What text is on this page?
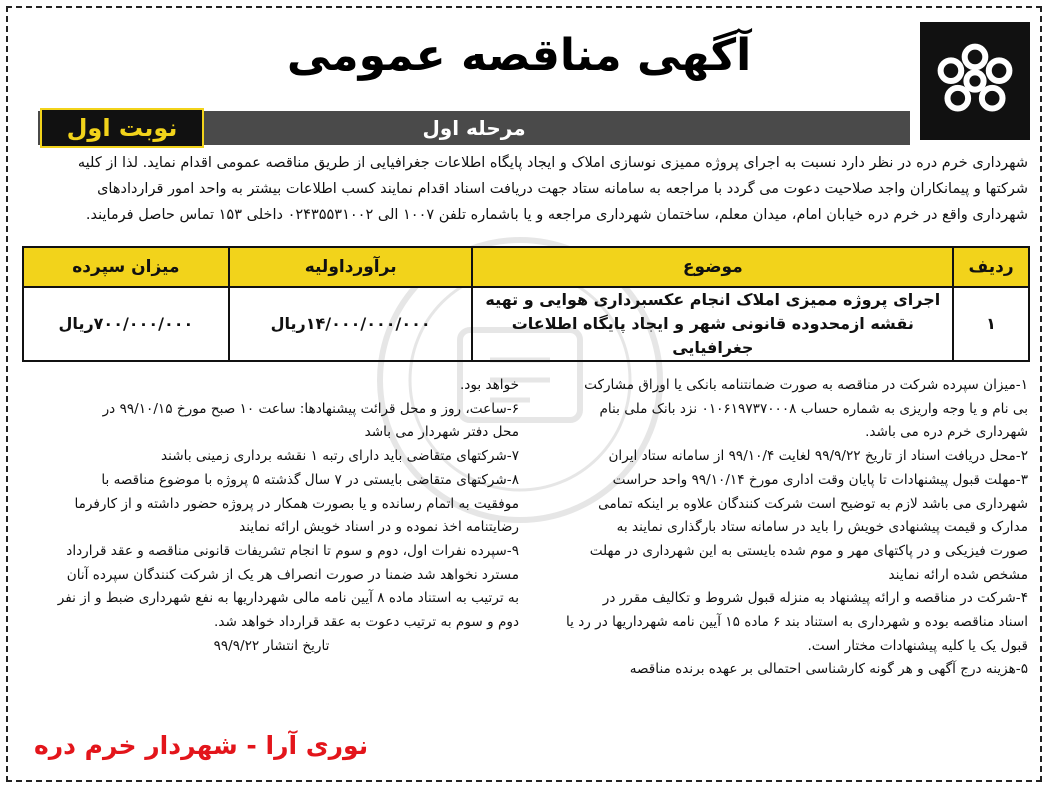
آگهی مناقصه عمومی
مرحله اول
نوبت اول
شهرداری خرم دره در نظر دارد نسبت به اجرای پروژه ممیزی نوسازی املاک و ایجاد پایگاه اطلاعات جغرافیایی از طریق مناقصه عمومی اقدام نماید. لذا از کلیه
شرکتها و پیمانکاران واجد صلاحیت دعوت می گردد با مراجعه به سامانه ستاد جهت دریافت اسناد اقدام نمایند کسب اطلاعات بیشتر به واحد امور قراردادهای
شهرداری واقع در خرم دره خیابان امام، میدان معلم، ساختمان شهرداری مراجعه و یا باشماره تلفن ۱۰۰۷ الی ۰۲۴۳۵۵۳۱۰۰۲ داخلی ۱۵۳ تماس حاصل فرمایند.
ردیف	موضوع	برآورداولیه	میزان سپرده
۱	اجرای پروژه ممیزی املاک انجام عکسبرداری هوایی و تهیه
نقشه ازمحدوده قانونی شهر و ایجاد پایگاه اطلاعات جغرافیایی	۱۴/۰۰۰/۰۰۰/۰۰۰ریال	۷۰۰/۰۰۰/۰۰۰ریال

۱-میزان سپرده شرکت در مناقصه به صورت ضمانتنامه بانکی یا اوراق مشارکت

بی نام و یا وجه واریزی به شماره حساب ۰۱۰۶۱۹۷۳۷۰۰۰۸ نزد بانک ملی بنام

شهرداری خرم دره می باشد.

۲-محل دریافت اسناد از تاریخ ۹۹/۹/۲۲ لغایت ۹۹/۱۰/۴ از سامانه ستاد ایران

۳-مهلت قبول پیشنهادات تا پایان وقت اداری مورخ ۹۹/۱۰/۱۴ واحد حراست

شهرداری می باشد لازم به توضیح است شرکت کنندگان علاوه بر اینکه تمامی

مدارک و قیمت پیشنهادی خویش را باید در سامانه ستاد بارگذاری نمایند به

صورت فیزیکی و در پاکتهای مهر و موم شده بایستی به این شهرداری در مهلت

مشخص شده ارائه نمایند

۴-شرکت در مناقصه و ارائه پیشنهاد به منزله قبول شروط و تکالیف مقرر در

اسناد مناقصه بوده و شهرداری به استناد بند ۶ ماده ۱۵ آیین نامه شهرداریها در رد یا

قبول یک یا کلیه پیشنهادات مختار است.

۵-هزینه درج آگهی و هر گونه کارشناسی احتمالی بر عهده برنده مناقصه

خواهد بود.

۶-ساعت، روز و محل قرائت پیشنهادها: ساعت ۱۰ صبح مورخ ۹۹/۱۰/۱۵ در

محل دفتر شهردار می باشد

۷-شرکتهای متقاضی باید دارای رتبه ۱ نقشه برداری زمینی باشند

۸-شرکتهای متقاضی بایستی در ۷ سال گذشته ۵ پروژه با موضوع مناقصه با

موفقیت به اتمام رسانده و یا بصورت همکار در پروژه حضور داشته و از کارفرما

رضایتنامه اخذ نموده و در اسناد خویش ارائه نمایند

۹-سپرده نفرات اول، دوم و سوم تا انجام تشریفات قانونی مناقصه و عقد قرارداد

مسترد نخواهد شد ضمنا در صورت انصراف هر یک از شرکت کنندگان سپرده آنان

به ترتیب به استناد ماده ۸ آیین نامه مالی شهرداریها به نفع شهرداری ضبط و از نفر

دوم و سوم به ترتیب دعوت به عقد قرارداد خواهد شد.

تاریخ انتشار ۹۹/۹/۲۲

نوری آرا - شهردار خرم دره
